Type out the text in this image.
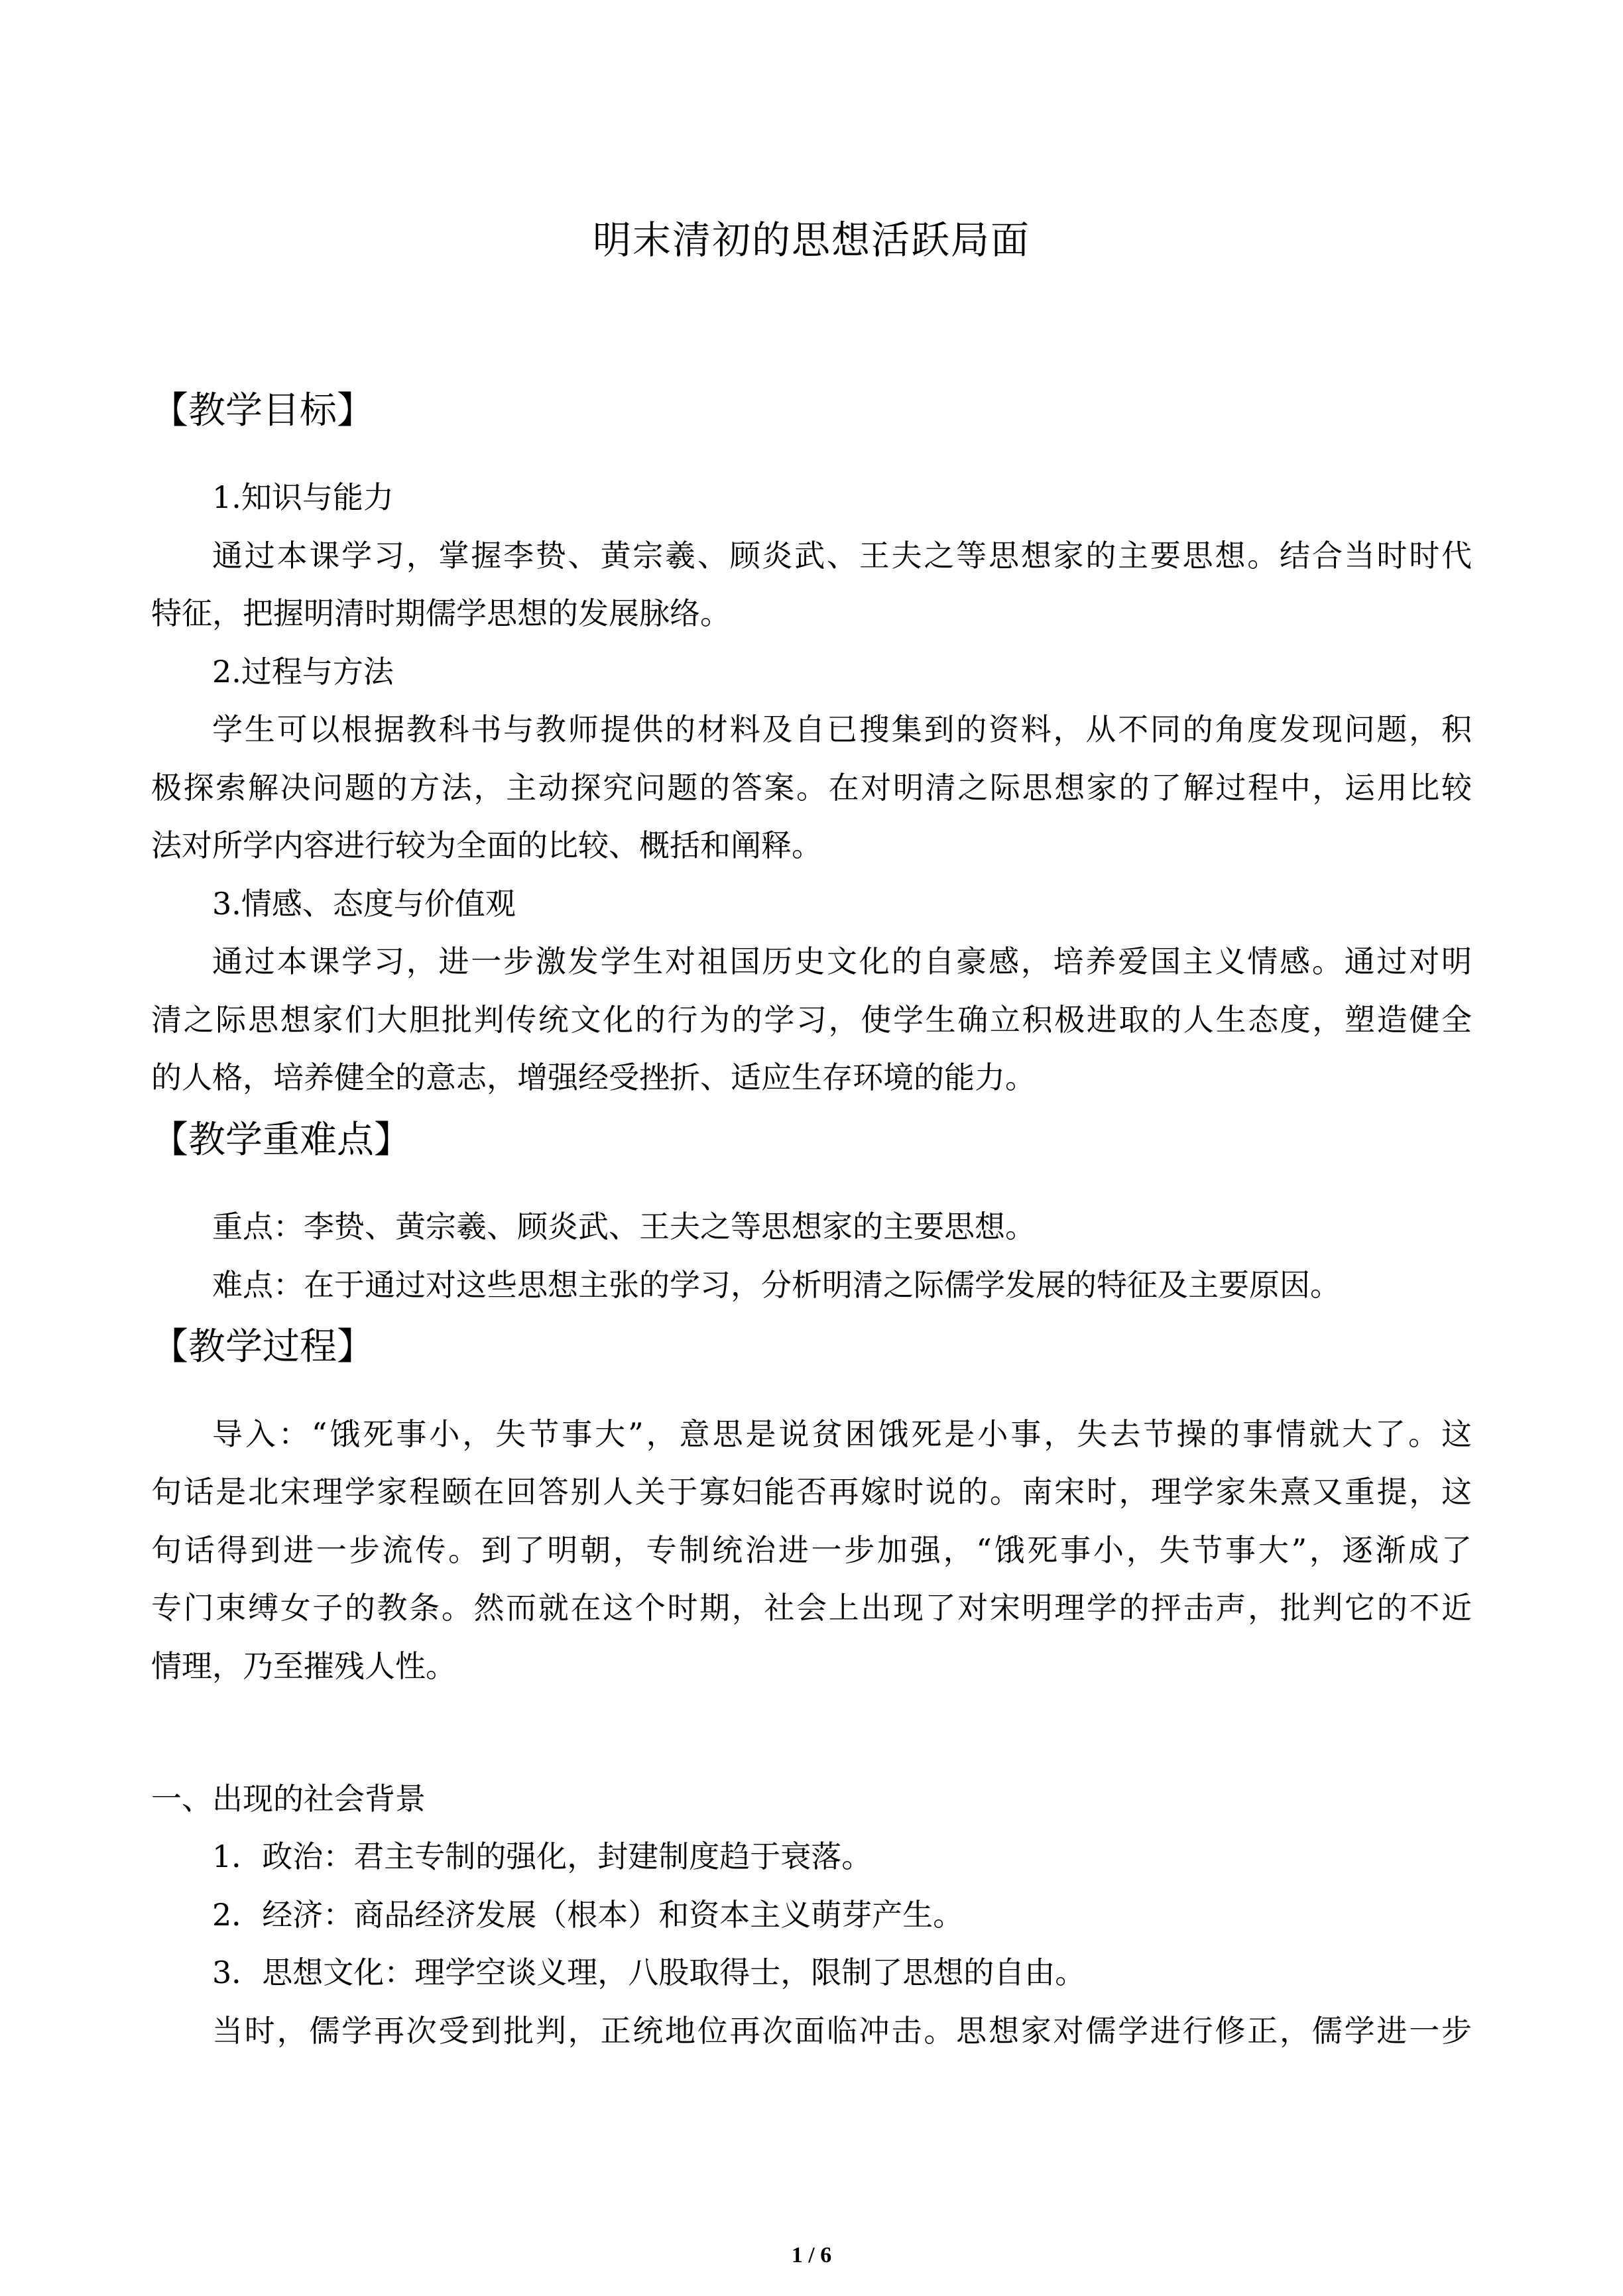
明末清初的思想活跃局面
【教学目标】
1.知识与能力
通过本课学习，掌握李贽、黄宗羲、顾炎武、王夫之等思想家的主要思想。结合当时时代
特征，把握明清时期儒学思想的发展脉络。
2.过程与方法
学生可以根据教科书与教师提供的材料及自已搜集到的资料，从不同的角度发现问题，积
极探索解决问题的方法，主动探究问题的答案。在对明清之际思想家的了解过程中，运用比较
法对所学内容进行较为全面的比较、概括和阐释。
3.情感、态度与价值观
通过本课学习，进一步激发学生对祖国历史文化的自豪感，培养爱国主义情感。通过对明
清之际思想家们大胆批判传统文化的行为的学习，使学生确立积极进取的人生态度，塑造健全
的人格，培养健全的意志，增强经受挫折、适应生存环境的能力。
【教学重难点】
重点：李贽、黄宗羲、顾炎武、王夫之等思想家的主要思想。
难点：在于通过对这些思想主张的学习，分析明清之际儒学发展的特征及主要原因。
【教学过程】
导入：“饿死事小，失节事大”，意思是说贫困饿死是小事，失去节操的事情就大了。这
句话是北宋理学家程颐在回答别人关于寡妇能否再嫁时说的。南宋时，理学家朱熹又重提，这
句话得到进一步流传。到了明朝，专制统治进一步加强，“饿死事小，失节事大”，逐渐成了
专门束缚女子的教条。然而就在这个时期，社会上出现了对宋明理学的抨击声，批判它的不近
情理，乃至摧残人性。
一、出现的社会背景
1．政治：君主专制的强化，封建制度趋于衰落。
2．经济：商品经济发展（根本）和资本主义萌芽产生。
3．思想文化：理学空谈义理，八股取得士，限制了思想的自由。
当时，儒学再次受到批判，正统地位再次面临冲击。思想家对儒学进行修正，儒学进一步
1 / 6
